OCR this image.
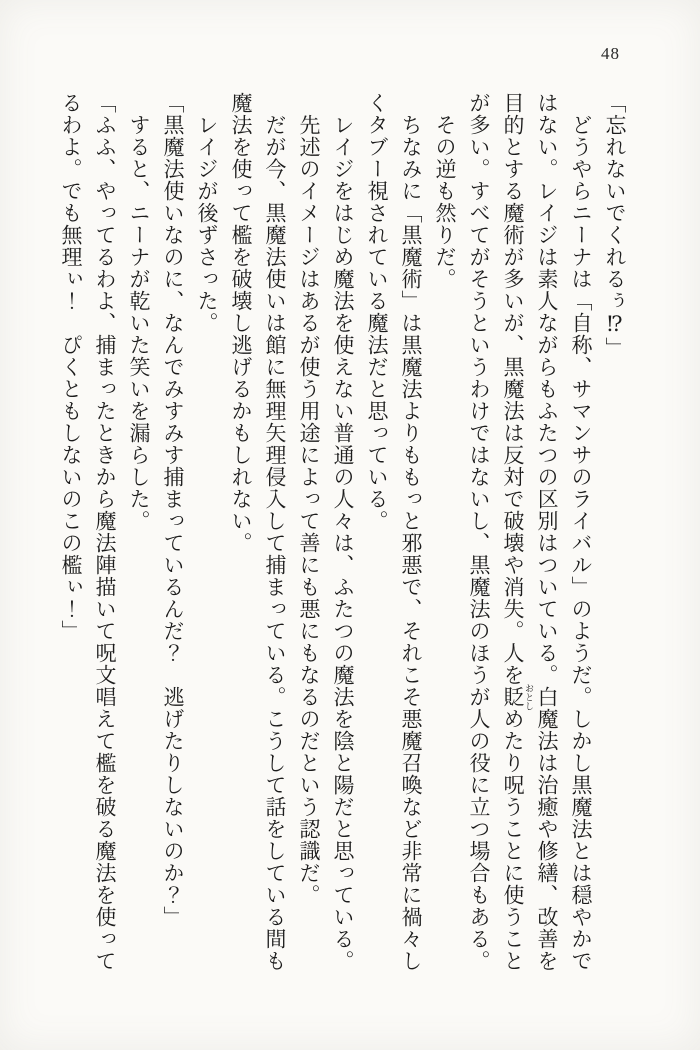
48

「忘れないでくれるぅ⁉」

　どうやらニーナは「自称、サマンサのライバル」のようだ。しかし黒魔法とは穏やかではない。レイジは素人ながらもふたつの区別はついている。白魔法は治癒や修繕、改善を目的とする魔術が多いが、黒魔法は反対で破壊や消失。人を貶 おとしめたり呪うことに使うことが多い。すべてがそうというわけではないし、黒魔法のほうが人の役に立つ場合もある。

　その逆も然りだ。

　ちなみに「黒魔術」は黒魔法よりももっと邪悪で、それこそ悪魔召喚など非常に禍々しくタブー視されている魔法だと思っている。

　レイジをはじめ魔法を使えない普通の人々は、ふたつの魔法を陰と陽だと思っている。

　先述のイメージはあるが使う用途によって善にも悪にもなるのだという認識だ。

　だが今、黒魔法使いは館に無理矢理侵入して捕まっている。こうして話をしている間も魔法を使って檻を破壊し逃げるかもしれない。

　レイジが後ずさった。

「黒魔法使いなのに、なんでみすみす捕まっているんだ？　逃げたりしないのか？」

　すると、ニーナが乾いた笑いを漏らした。

「ふふ、やってるわよ、捕まったときから魔法陣描いて呪文唱えて檻を破る魔法を使ってるわよ。でも無理ぃ！　ぴくともしないのこの檻ぃ！」
